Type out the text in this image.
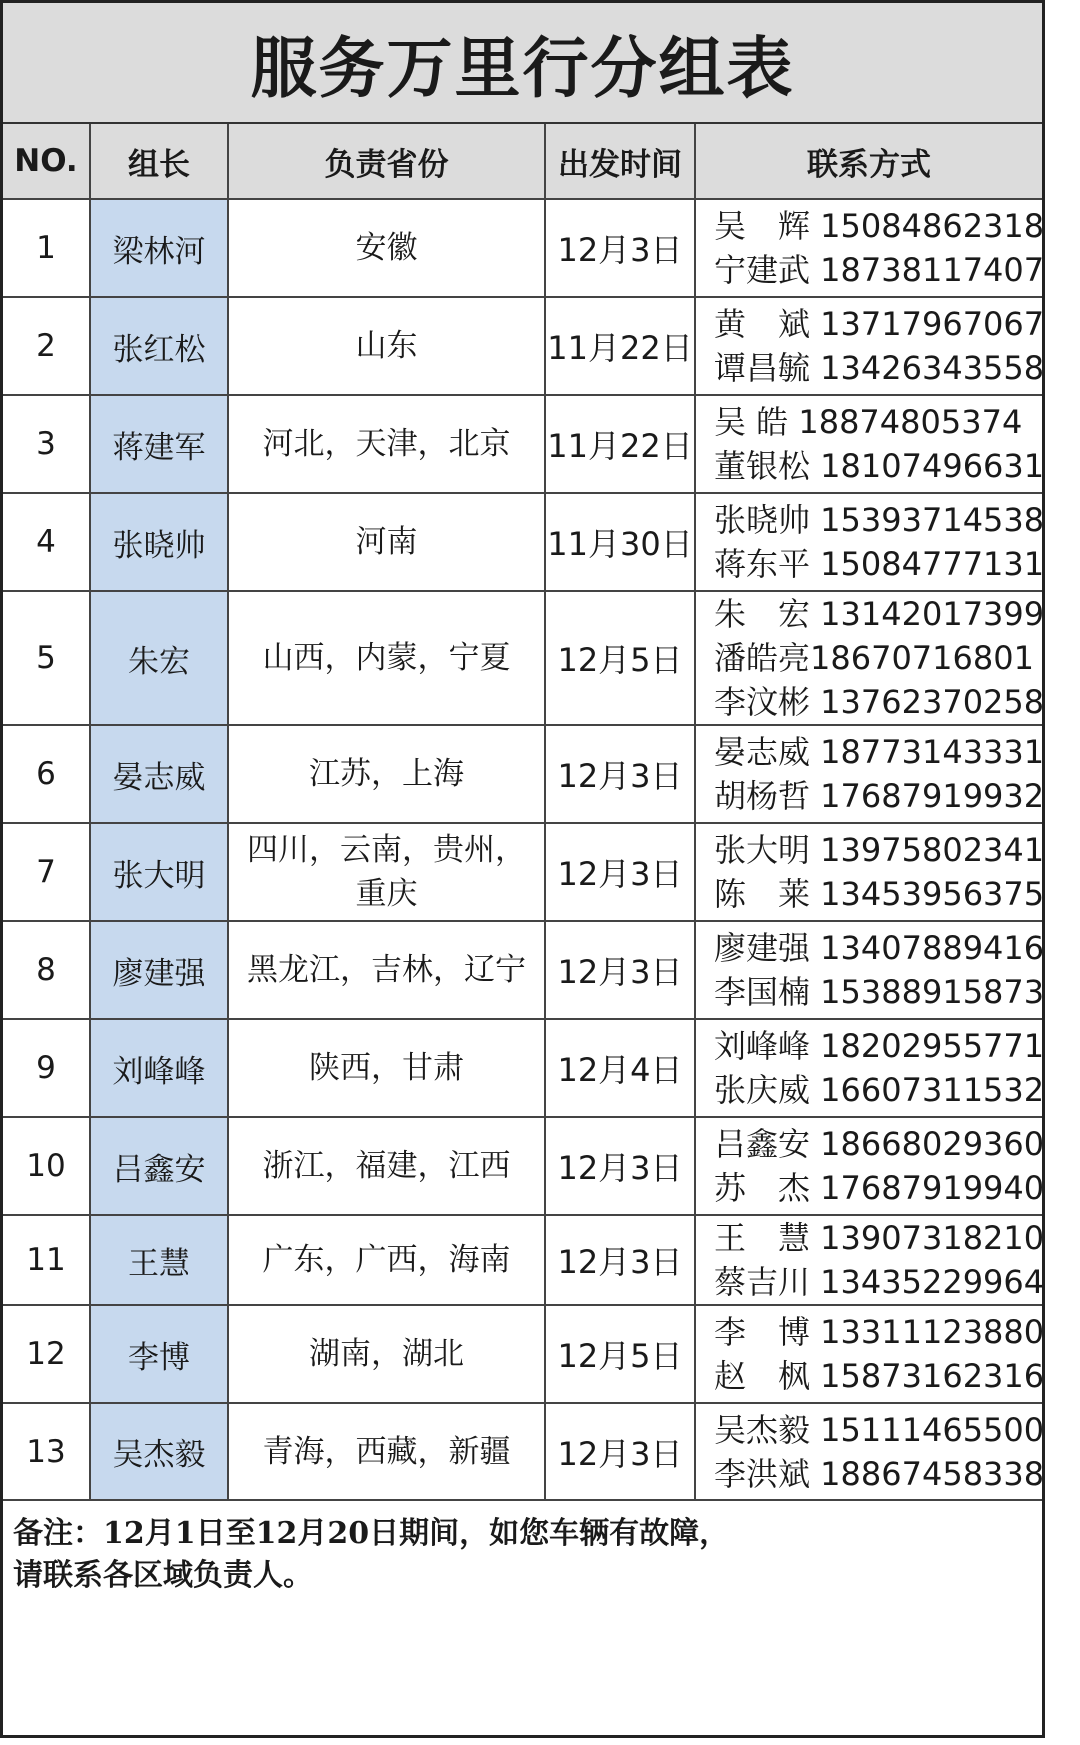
服务万里行分组表
NO.	组长	负责省份	出发时间	联系方式
1	梁林河	安徽	12月3日	吴　辉 15084862318
宁建武 18738117407

2	张红松	山东	11月22日	黄　斌 13717967067
谭昌毓 13426343558

3	蒋建军	河北，天津，北京	11月22日	吴 皓 18874805374
董银松 18107496631

4	张晓帅	河南	11月30日	张晓帅 15393714538
蒋东平 15084777131

5	朱宏	山西，内蒙，宁夏	12月5日	朱　宏 13142017399
潘皓亮18670716801
李汶彬 13762370258

6	晏志威	江苏，上海	12月3日	晏志威 18773143331
胡杨哲 17687919932

7	张大明	四川，云南，贵州，重庆	12月3日	张大明 13975802341
陈　莱 13453956375

8	廖建强	黑龙江，吉林，辽宁	12月3日	廖建强 13407889416
李国楠 15388915873

9	刘峰峰	陕西，甘肃	12月4日	刘峰峰 18202955771
张庆威 16607311532

10	吕鑫安	浙江，福建，江西	12月3日	吕鑫安 18668029360
苏　杰 17687919940

11	王慧	广东，广西，海南	12月3日	王　慧 13907318210
蔡吉川 13435229964

12	李博	湖南，湖北	12月5日	李　博 13311123880
赵　枫 15873162316

13	吴杰毅	青海，西藏，新疆	12月3日	吴杰毅 15111465500
李洪斌 18867458338
备注：12月1日至12月20日期间，如您车辆有故障，
请联系各区域负责人。
